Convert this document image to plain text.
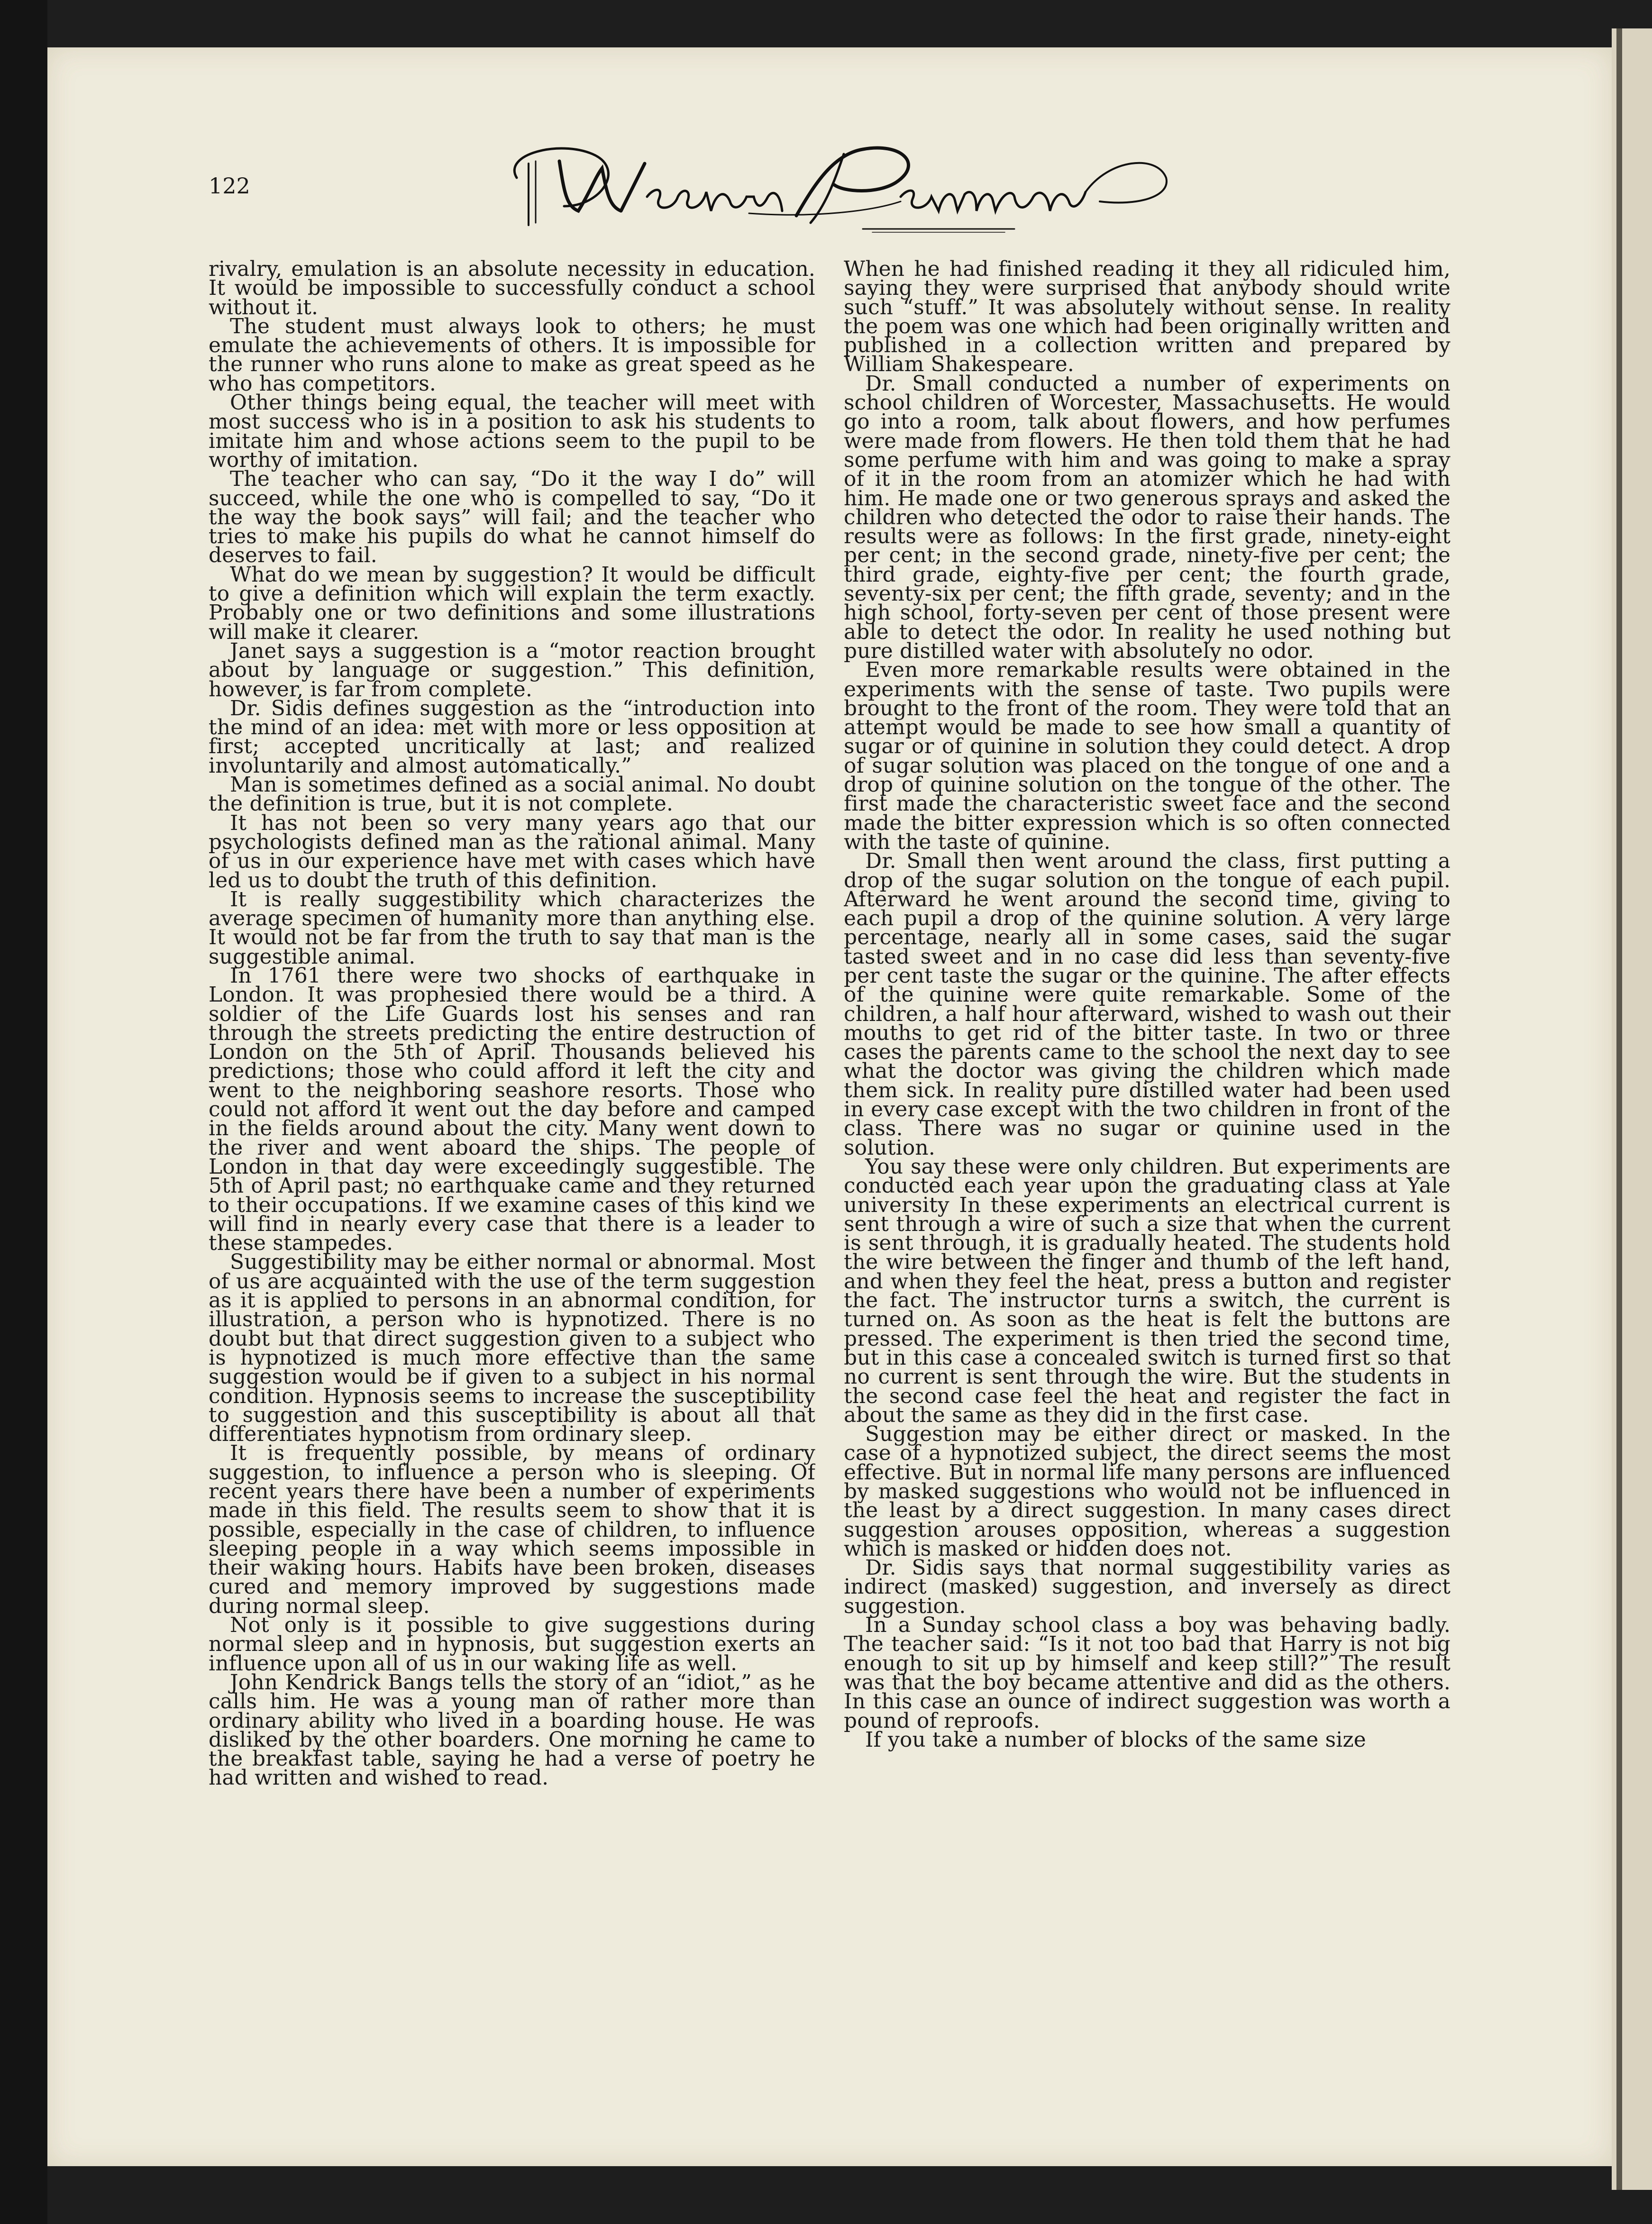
122

rivalry, emulation is an absolute necessity in education. It would be impossible to successfully conduct a school without it.

The student must always look to others; he must emulate the achievements of others. It is impossible for the runner who runs alone to make as great speed as he who has competitors.

Other things being equal, the teacher will meet with most success who is in a position to ask his students to imitate him and whose actions seem to the pupil to be worthy of imitation.

The teacher who can say, “Do it the way I do” will succeed, while the one who is compelled to say, “Do it the way the book says” will fail; and the teacher who tries to make his pupils do what he cannot himself do deserves to fail.

What do we mean by suggestion? It would be difficult to give a definition which will explain the term exactly. Probably one or two definitions and some illustrations will make it clearer.

Janet says a suggestion is a “motor reaction brought about by language or suggestion.” This definition, however, is far from complete.

Dr. Sidis defines suggestion as the “introduction into the mind of an idea: met with more or less opposition at first; accepted uncritically at last; and realized involuntarily and almost automatically.”

Man is sometimes defined as a social animal. No doubt the definition is true, but it is not complete.

It has not been so very many years ago that our psychologists defined man as the rational animal. Many of us in our experience have met with cases which have led us to doubt the truth of this definition.

It is really suggestibility which characterizes the average specimen of humanity more than anything else. It would not be far from the truth to say that man is the suggestible animal.

In 1761 there were two shocks of earthquake in London. It was prophesied there would be a third. A soldier of the Life Guards lost his senses and ran through the streets predicting the entire destruction of London on the 5th of April. Thousands believed his predictions; those who could afford it left the city and went to the neighboring seashore resorts. Those who could not afford it went out the day before and camped in the fields around about the city. Many went down to the river and went aboard the ships. The people of London in that day were exceedingly suggestible. The 5th of April past; no earthquake came and they returned to their occupations. If we examine cases of this kind we will find in nearly every case that there is a leader to these stampedes.

Suggestibility may be either normal or abnormal. Most of us are acquainted with the use of the term suggestion as it is applied to persons in an abnormal condition, for illustration, a person who is hypnotized. There is no doubt but that direct suggestion given to a subject who is hypnotized is much more effective than the same suggestion would be if given to a subject in his normal condition. Hypnosis seems to increase the susceptibility to suggestion and this susceptibility is about all that differentiates hypnotism from ordinary sleep.

It is frequently possible, by means of ordinary suggestion, to influence a person who is sleeping. Of recent years there have been a number of experiments made in this field. The results seem to show that it is possible, especially in the case of children, to influence sleeping people in a way which seems impossible in their waking hours. Habits have been broken, diseases cured and memory improved by suggestions made during normal sleep.

Not only is it possible to give suggestions during normal sleep and in hypnosis, but suggestion exerts an influence upon all of us in our waking life as well.

John Kendrick Bangs tells the story of an “idiot,” as he calls him. He was a young man of rather more than ordinary ability who lived in a boarding house. He was disliked by the other boarders. One morning he came to the breakfast table, saying he had a verse of poetry he had written and wished to read.

When he had finished reading it they all ridiculed him, saying they were surprised that anybody should write such “stuff.” It was absolutely without sense. In reality the poem was one which had been originally written and published in a collection written and prepared by William Shakespeare.

Dr. Small conducted a number of experiments on school children of Worcester, Massachusetts. He would go into a room, talk about flowers, and how perfumes were made from flowers. He then told them that he had some perfume with him and was going to make a spray of it in the room from an atomizer which he had with him. He made one or two generous sprays and asked the children who detected the odor to raise their hands. The results were as follows: In the first grade, ninety-eight per cent; in the second grade, ninety-five per cent; the third grade, eighty-five per cent; the fourth grade, seventy-six per cent; the fifth grade, seventy; and in the high school, forty-seven per cent of those present were able to detect the odor. In reality he used nothing but pure distilled water with absolutely no odor.

Even more remarkable results were obtained in the experiments with the sense of taste. Two pupils were brought to the front of the room. They were told that an attempt would be made to see how small a quantity of sugar or of quinine in solution they could detect. A drop of sugar solution was placed on the tongue of one and a drop of quinine solution on the tongue of the other. The first made the characteristic sweet face and the second made the bitter expression which is so often connected with the taste of quinine.

Dr. Small then went around the class, first putting a drop of the sugar solution on the tongue of each pupil. Afterward he went around the second time, giving to each pupil a drop of the quinine solution. A very large percentage, nearly all in some cases, said the sugar tasted sweet and in no case did less than seventy-five per cent taste the sugar or the quinine. The after effects of the quinine were quite remarkable. Some of the children, a half hour afterward, wished to wash out their mouths to get rid of the bitter taste. In two or three cases the parents came to the school the next day to see what the doctor was giving the children which made them sick. In reality pure distilled water had been used in every case except with the two children in front of the class. There was no sugar or quinine used in the solution.

You say these were only children. But experiments are conducted each year upon the graduating class at Yale university In these experiments an electrical current is sent through a wire of such a size that when the current is sent through, it is gradually heated. The students hold the wire between the finger and thumb of the left hand, and when they feel the heat, press a button and register the fact. The instructor turns a switch, the current is turned on. As soon as the heat is felt the buttons are pressed. The experiment is then tried the second time, but in this case a concealed switch is turned first so that no current is sent through the wire. But the students in the second case feel the heat and register the fact in about the same as they did in the first case.

Suggestion may be either direct or masked. In the case of a hypnotized subject, the direct seems the most effective. But in normal life many persons are influenced by masked suggestions who would not be influenced in the least by a direct suggestion. In many cases direct suggestion arouses opposition, whereas a suggestion which is masked or hidden does not.

Dr. Sidis says that normal suggestibility varies as indirect (masked) suggestion, and inversely as direct suggestion.

In a Sunday school class a boy was behaving badly. The teacher said: “Is it not too bad that Harry is not big enough to sit up by himself and keep still?” The result was that the boy became attentive and did as the others. In this case an ounce of indirect suggestion was worth a pound of reproofs.

If you take a number of blocks of the same size
